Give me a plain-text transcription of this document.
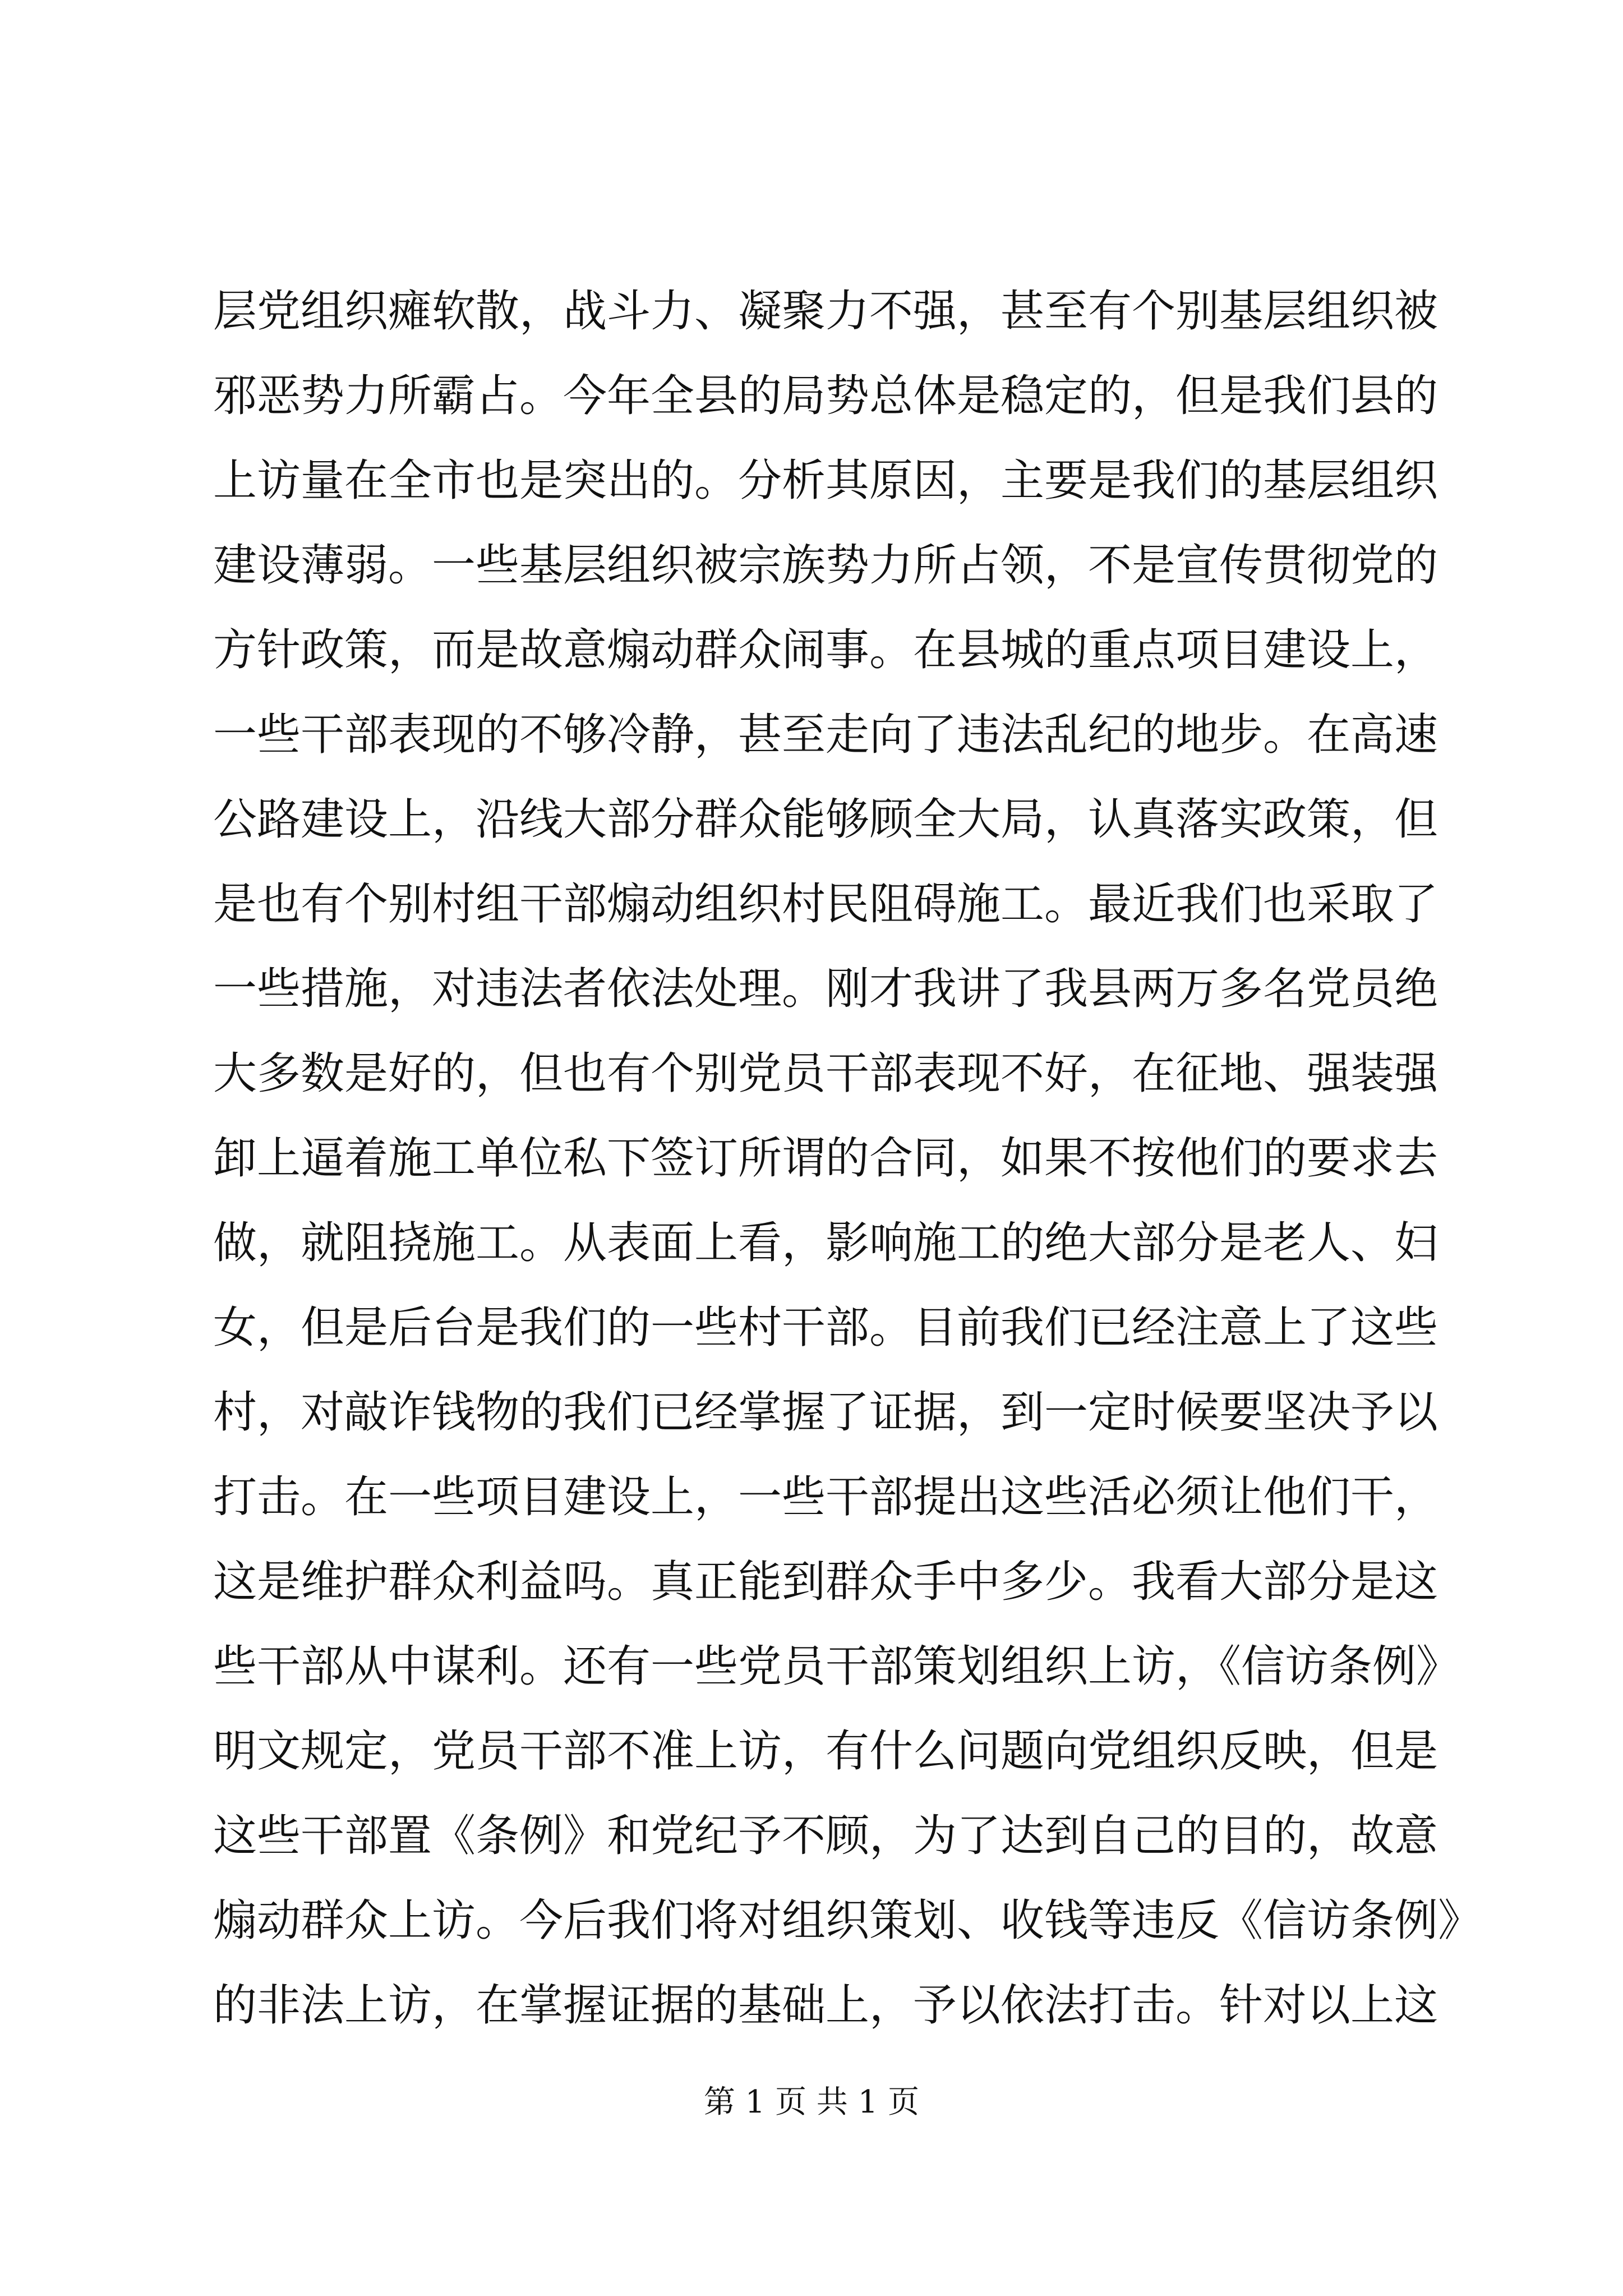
层党组织瘫软散，战斗力、凝聚力不强，甚至有个别基层组织被
邪恶势力所霸占。今年全县的局势总体是稳定的，但是我们县的
上访量在全市也是突出的。分析其原因，主要是我们的基层组织
建设薄弱。一些基层组织被宗族势力所占领，不是宣传贯彻党的
方针政策，而是故意煽动群众闹事。在县城的重点项目建设上，
一些干部表现的不够冷静，甚至走向了违法乱纪的地步。在高速
公路建设上，沿线大部分群众能够顾全大局，认真落实政策，但
是也有个别村组干部煽动组织村民阻碍施工。最近我们也采取了
一些措施，对违法者依法处理。刚才我讲了我县两万多名党员绝
大多数是好的，但也有个别党员干部表现不好，在征地、强装强
卸上逼着施工单位私下签订所谓的合同，如果不按他们的要求去
做，就阻挠施工。从表面上看，影响施工的绝大部分是老人、妇
女，但是后台是我们的一些村干部。目前我们已经注意上了这些
村，对敲诈钱物的我们已经掌握了证据，到一定时候要坚决予以
打击。在一些项目建设上，一些干部提出这些活必须让他们干，
这是维护群众利益吗。真正能到群众手中多少。我看大部分是这
些干部从中谋利。还有一些党员干部策划组织上访，《信访条例》
明文规定，党员干部不准上访，有什么问题向党组织反映，但是
这些干部置《条例》和党纪予不顾，为了达到自己的目的，故意
煽动群众上访。今后我们将对组织策划、收钱等违反《信访条例》
的非法上访，在掌握证据的基础上，予以依法打击。针对以上这
第 1 页 共 1 页
